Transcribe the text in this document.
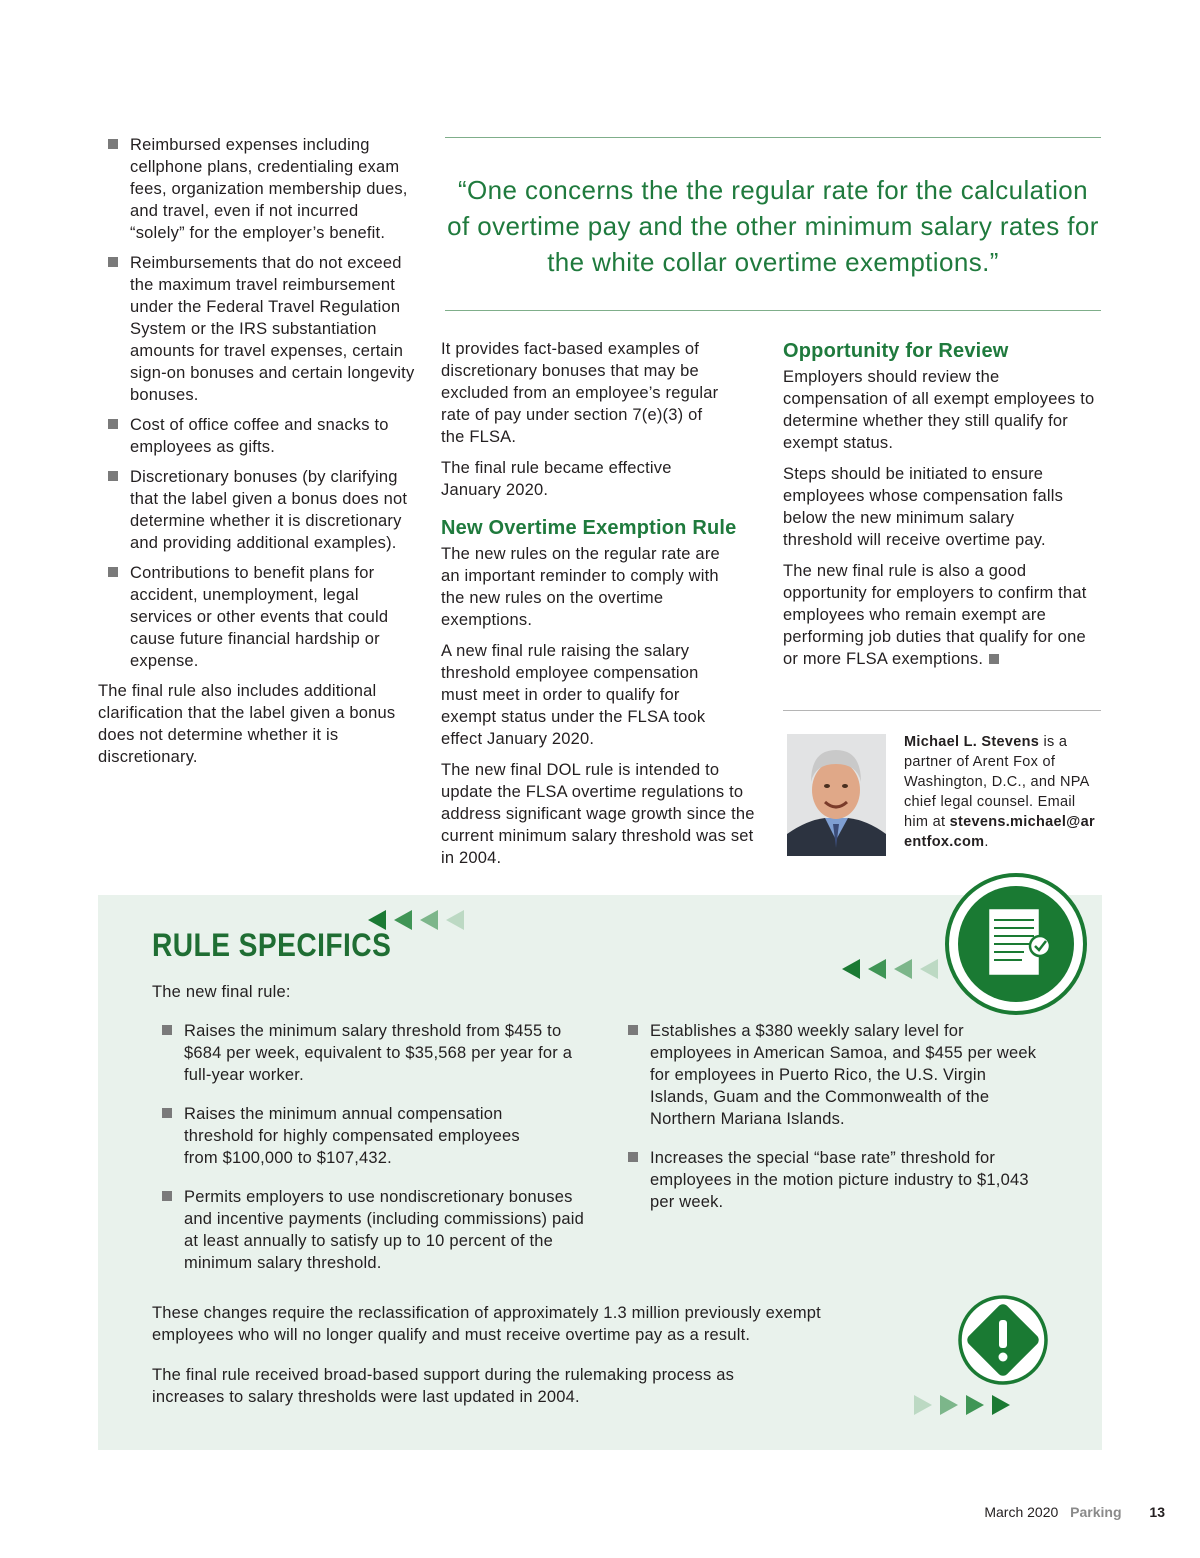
Reimbursed expenses including cellphone plans, credentialing exam fees, organization membership dues, and travel, even if not incurred “solely” for the employer’s benefit.
Reimbursements that do not exceed the maximum travel reimbursement under the Federal Travel Regulation System or the IRS substantiation amounts for travel expenses, certain sign-on bonuses and certain longevity bonuses.
Cost of office coffee and snacks to employees as gifts.
Discretionary bonuses (by clarifying that the label given a bonus does not determine whether it is discretionary and providing additional examples).
Contributions to benefit plans for accident, unemployment, legal services or other events that could cause future financial hardship or expense.

The final rule also includes additional clarification that the label given a bonus does not determine whether it is discretionary.

“One concerns the the regular rate for the calculation of overtime pay and the other minimum salary rates for the white collar overtime exemptions.”

It provides fact-based examples of discretionary bonuses that may be excluded from an employee’s regular rate of pay under section 7(e)(3) of the FLSA.

The final rule became effective January 2020.

New Overtime Exemption Rule

The new rules on the regular rate are an important reminder to comply with the new rules on the overtime exemptions.

A new final rule raising the salary threshold employee compensation must meet in order to qualify for exempt status under the FLSA took effect January 2020.

The new final DOL rule is intended to update the FLSA overtime regulations to address significant wage growth since the current minimum salary threshold was set in 2004.

Opportunity for Review

Employers should review the compensation of all exempt employees to determine whether they still qualify for exempt status.

Steps should be initiated to ensure employees whose compensation falls below the new minimum salary threshold will receive overtime pay.

The new final rule is also a good opportunity for employers to confirm that employees who remain exempt are performing job duties that qualify for one or more FLSA exemptions.

Michael L. Stevens is a partner of Arent Fox of Washington, D.C., and NPA chief legal counsel. Email him at stevens.michael@arentfox.com.
RULE SPECIFICS
The new final rule:
Raises the minimum salary threshold from $455 to $684 per week, equivalent to $35,568 per year for a full-year worker.
Raises the minimum annual compensation threshold for highly compensated employees from $100,000 to $107,432.
Permits employers to use nondiscretionary bonuses and incentive payments (including commissions) paid at least annually to satisfy up to 10 percent of the minimum salary threshold.
Establishes a $380 weekly salary level for employees in American Samoa, and $455 per week for employees in Puerto Rico, the U.S. Virgin Islands, Guam and the Commonwealth of the Northern Mariana Islands.
Increases the special “base rate” threshold for employees in the motion picture industry to $1,043 per week.

These changes require the reclassification of approximately 1.3 million previously exempt employees who will no longer qualify and must receive overtime pay as a result.

The final rule received broad-based support during the rulemaking process as increases to salary thresholds were last updated in 2004.

March 2020 Parking 13
